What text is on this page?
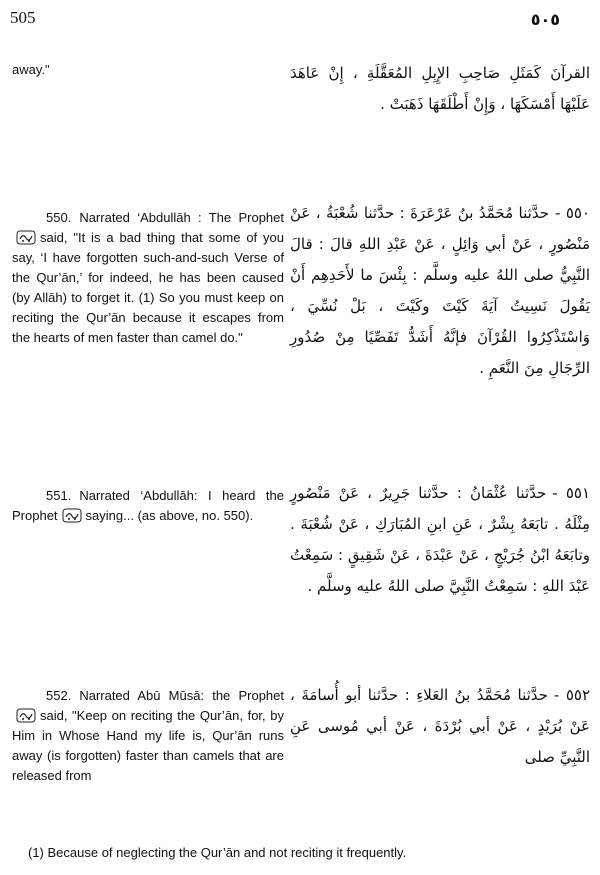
505	٥٠٥
away."	القرآنَ كَمَثَلِ صَاحِبِ الإِبِلِ المُعَقَّلَةِ ، إِنْ عَاهَدَ عَلَيْهَا أَمْسَكَهَا ، وَإِنْ أَطْلَقَهَا ذَهَبَتْ .
550. Narrated ‘Abdullāh : The Prophetsaid, "It is a bad thing that some of you say, ‘I have forgotten such-and-such Verse of the Qur’ān,’ for indeed, he has been caused (by Allāh) to forget it. (1) So you must keep on reciting the Qur’ān because it escapes from the hearts of men faster than camel do."
٥٥٠ -حدَّثنا مُحَمَّدُ بنُ عَرْعَرَةَ : حدَّثنا شُعْبَةُ ، عَنْ مَنْصُورٍ ، عَنْ أبي وَائِلٍ ، عَنْ عَبْدِ اللهِ قالَ : قالَ النَّبِيُّ صلى اللهُ عليه وسلَّم : بِئْسَ ما لأَحَدِهِم أَنْ يَقُولَ نَسِيتُ آيَةَ كَيْتَ وكَيْتَ ، بَلْ نُسِّيَ ، وَاسْتَذْكِرُوا القُرْآنَ فإنَّهُ أَشَدُّ تَفَصِّيًا مِنْ صُدُورِ الرِّجَالِ مِنَ النَّعَمِ .
551. Narrated ‘Abdullāh: I heard the Prophet saying... (as above, no. 550).
٥٥١ -حدَّثنا عُثْمَانُ : حدَّثنا جَرِيرٌ ، عَنْ مَنْصُورٍ مِثْلَهُ . تابَعَهُ بِشْرٌ ، عَنِ ابنِ المُبَارَكِ ، عَنْ شُعْبَةَ . وتابَعَهُ ابْنُ جُرَيْجٍ ، عَنْ عَبْدَةَ ، عَنْ شَقِيقٍ : سَمِعْتُ عَبْدَ اللهِ : سَمِعْتُ النَّبِيَّ صلى اللهُ عليه وسلَّم .
552. Narrated Abū Mūsā: the Prophetsaid, "Keep on reciting the Qur’ān, for, by Him in Whose Hand my life is, Qur’ān runs away (is forgotten) faster than camels that are released from
٥٥٢ -حدَّثنا مُحَمَّدُ بنُ العَلاءِ : حدَّثنا أبو أُسامَةَ ، عَنْ بُرَيْدٍ ، عَنْ أبي بُرْدَةَ ، عَنْ أبي مُوسى عَنِ النَّبِيِّ صلى
(1) Because of neglecting the Qur’ān and not reciting it frequently.
